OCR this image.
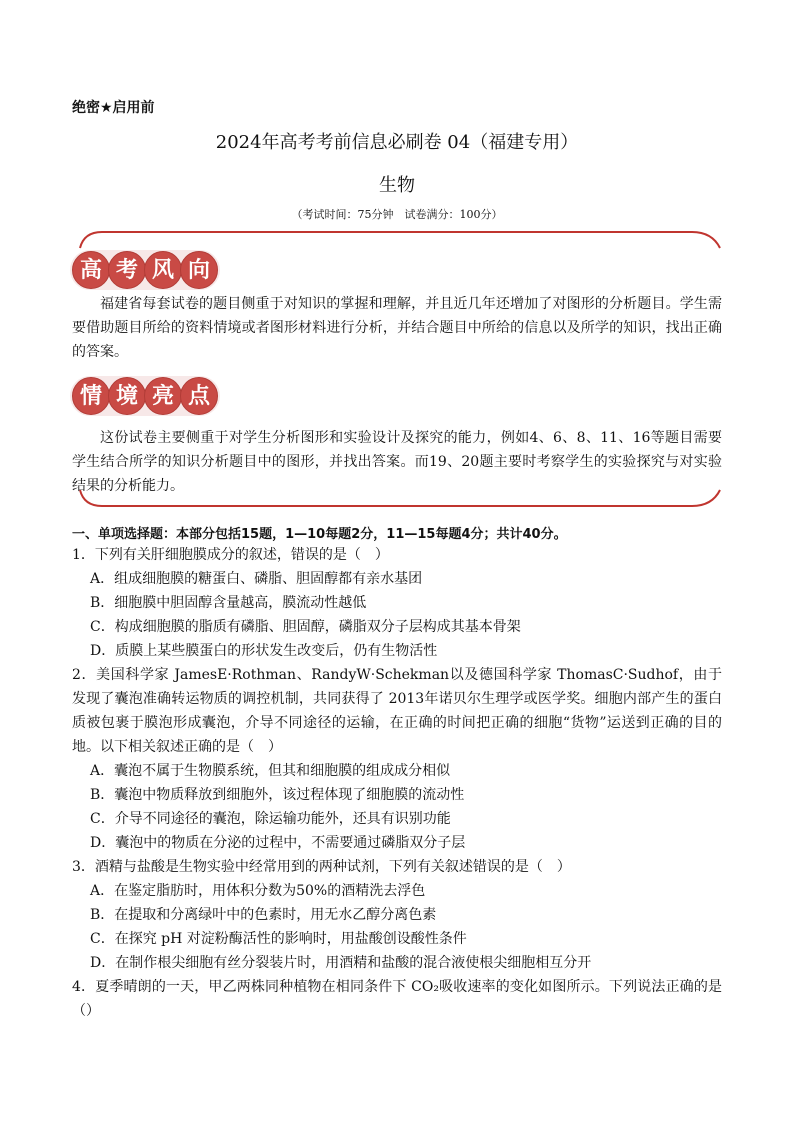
绝密★启用前
2024年高考考前信息必刷卷 04（福建专用）
生物
（考试时间：75分钟　试卷满分：100分）
高 考 风 向
福建省每套试卷的题目侧重于对知识的掌握和理解，并且近几年还增加了对图形的分析题目。学生需要借助题目所给的资料情境或者图形材料进行分析，并结合题目中所给的信息以及所学的知识，找出正确的答案。
情 境 亮 点
这份试卷主要侧重于对学生分析图形和实验设计及探究的能力，例如4、6、8、11、16等题目需要学生结合所学的知识分析题目中的图形，并找出答案。而19、20题主要时考察学生的实验探究与对实验结果的分析能力。
一、单项选择题：本部分包括15题，1—10每题2分，11—15每题4分；共计40分。
1．下列有关肝细胞膜成分的叙述，错误的是（　）
A．组成细胞膜的糖蛋白、磷脂、胆固醇都有亲水基团
B．细胞膜中胆固醇含量越高，膜流动性越低
C．构成细胞膜的脂质有磷脂、胆固醇，磷脂双分子层构成其基本骨架
D．质膜上某些膜蛋白的形状发生改变后，仍有生物活性
2．美国科学家 JamesE·Rothman、RandyW·Schekman以及德国科学家 ThomasC·Sudhof，由于发现了囊泡准确转运物质的调控机制，共同获得了 2013年诺贝尔生理学或医学奖。细胞内部产生的蛋白质被包裹于膜泡形成囊泡，介导不同途径的运输，在正确的时间把正确的细胞“货物”运送到正确的目的地。以下相关叙述正确的是（　）
A．囊泡不属于生物膜系统，但其和细胞膜的组成成分相似
B．囊泡中物质释放到细胞外，该过程体现了细胞膜的流动性
C．介导不同途径的囊泡，除运输功能外，还具有识别功能
D．囊泡中的物质在分泌的过程中，不需要通过磷脂双分子层
3．酒精与盐酸是生物实验中经常用到的两种试剂，下列有关叙述错误的是（　）
A．在鉴定脂肪时，用体积分数为50%的酒精洗去浮色
B．在提取和分离绿叶中的色素时，用无水乙醇分离色素
C．在探究 pH 对淀粉酶活性的影响时，用盐酸创设酸性条件
D．在制作根尖细胞有丝分裂装片时，用酒精和盐酸的混合液使根尖细胞相互分开
4．夏季晴朗的一天，甲乙两株同种植物在相同条件下 CO₂吸收速率的变化如图所示。下列说法正确的是（）
